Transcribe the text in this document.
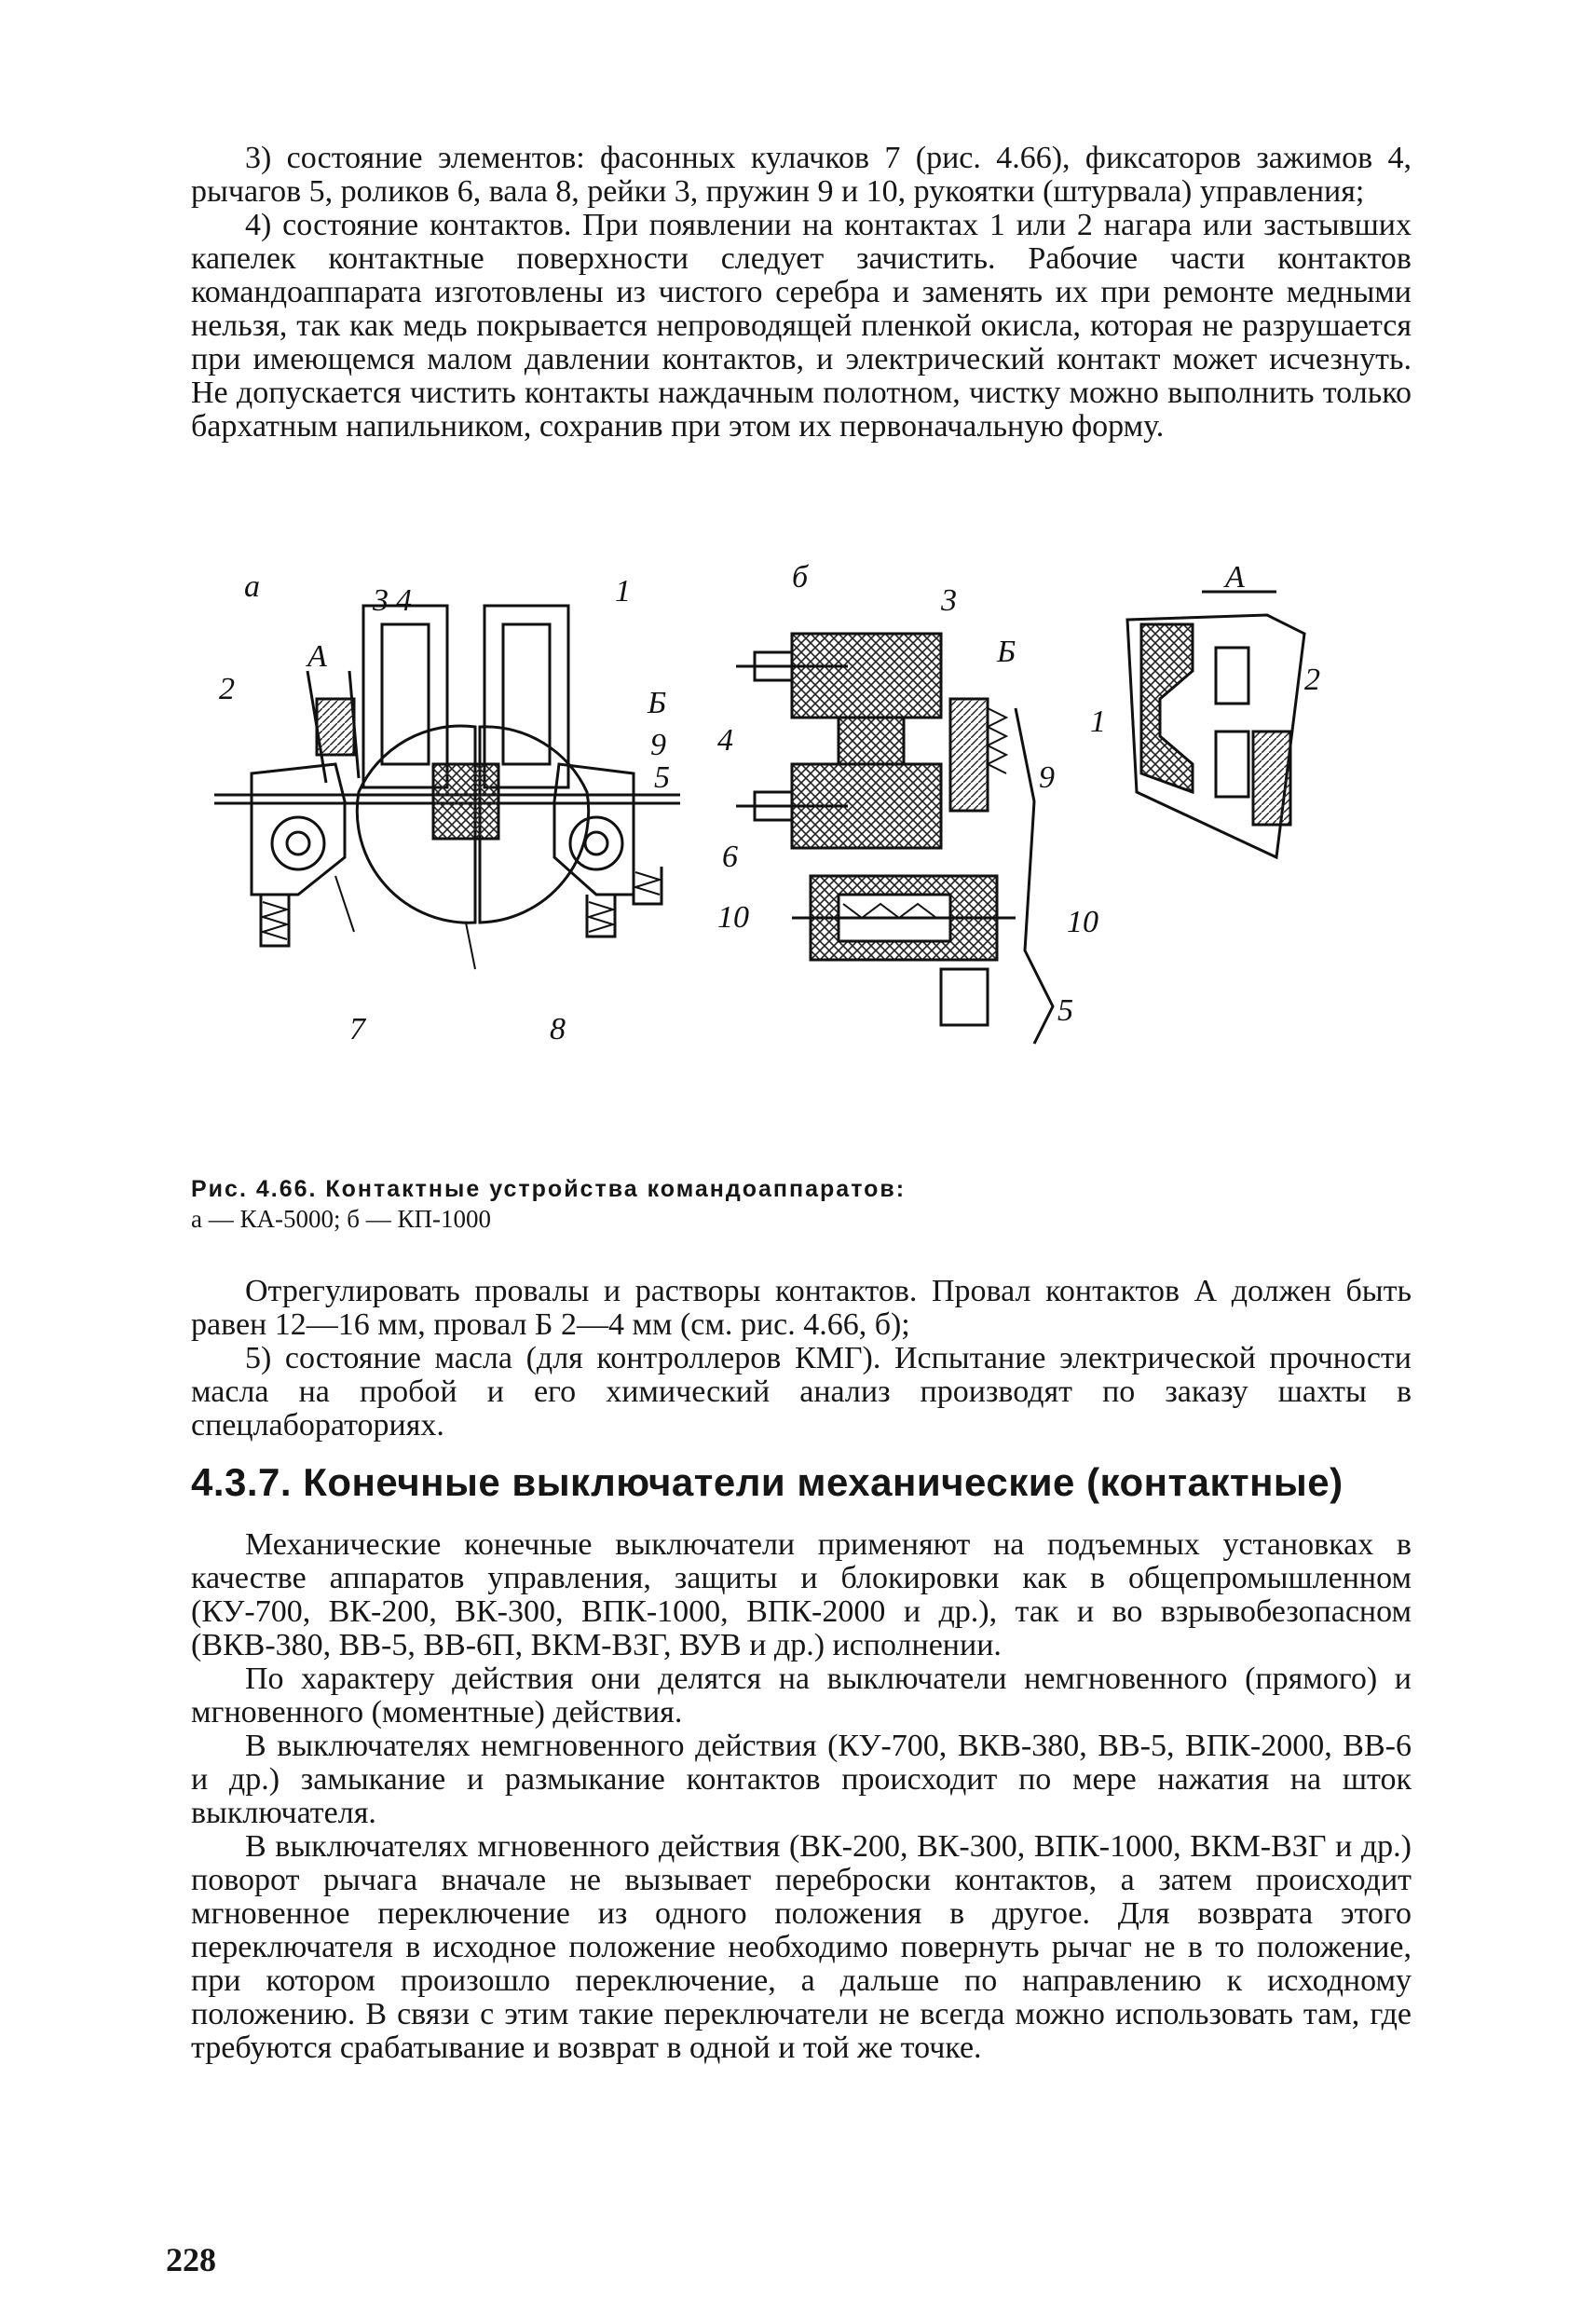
3) состояние элементов: фасонных кулачков 7 (рис. 4.66), фиксаторов зажимов 4, рычагов 5, роликов 6, вала 8, рейки 3, пружин 9 и 10, рукоятки (штурвала) управления;

4) состояние контактов. При появлении на контактах 1 или 2 нагара или застывших капелек контактные поверхности следует зачистить. Рабочие части контактов командоаппарата изготовлены из чистого серебра и заменять их при ремонте медными нельзя, так как медь покрывается непроводящей пленкой окисла, которая не разрушается при имеющемся малом давлении контактов, и электрический контакт может исчезнуть. Не допускается чистить контакты наждачным полотном, чистку можно выполнить только бархатным напильником, сохранив при этом их первоначальную форму.

а	3 4	1
2
А
Б
9
5
6
10
7	8
б
3
Б
4
9
10
5
А
2
1
Рис. 4.66. Контактные устройства командоаппаратов:
а — КА-5000; б — КП-1000

Отрегулировать провалы и растворы контактов. Провал контактов А должен быть равен 12—16 мм, провал Б 2—4 мм (см. рис. 4.66, б);

5) состояние масла (для контроллеров КМГ). Испытание электрической прочности масла на пробой и его химический анализ производят по заказу шахты в спецлабораториях.

4.3.7. Конечные выключатели механические (контактные)

Механические конечные выключатели применяют на подъемных установках в качестве аппаратов управления, защиты и блокировки как в общепромышленном (КУ-700, ВК-200, ВК-300, ВПК-1000, ВПК-2000 и др.), так и во взрывобезопасном (ВКВ-380, ВВ-5, ВВ-6П, ВКМ-ВЗГ, ВУВ и др.) исполнении.

По характеру действия они делятся на выключатели немгновенного (прямого) и мгновенного (моментные) действия.

В выключателях немгновенного действия (КУ-700, ВКВ-380, ВВ-5, ВПК-2000, ВВ-6 и др.) замыкание и размыкание контактов происходит по мере нажатия на шток выключателя.

В выключателях мгновенного действия (ВК-200, ВК-300, ВПК-1000, ВКМ-ВЗГ и др.) поворот рычага вначале не вызывает переброски контактов, а затем происходит мгновенное переключение из одного положения в другое. Для возврата этого переключателя в исходное положение необходимо повернуть рычаг не в то положение, при котором произошло переключение, а дальше по направлению к исходному положению. В связи с этим такие переключатели не всегда можно использовать там, где требуются срабатывание и возврат в одной и той же точке.

228
